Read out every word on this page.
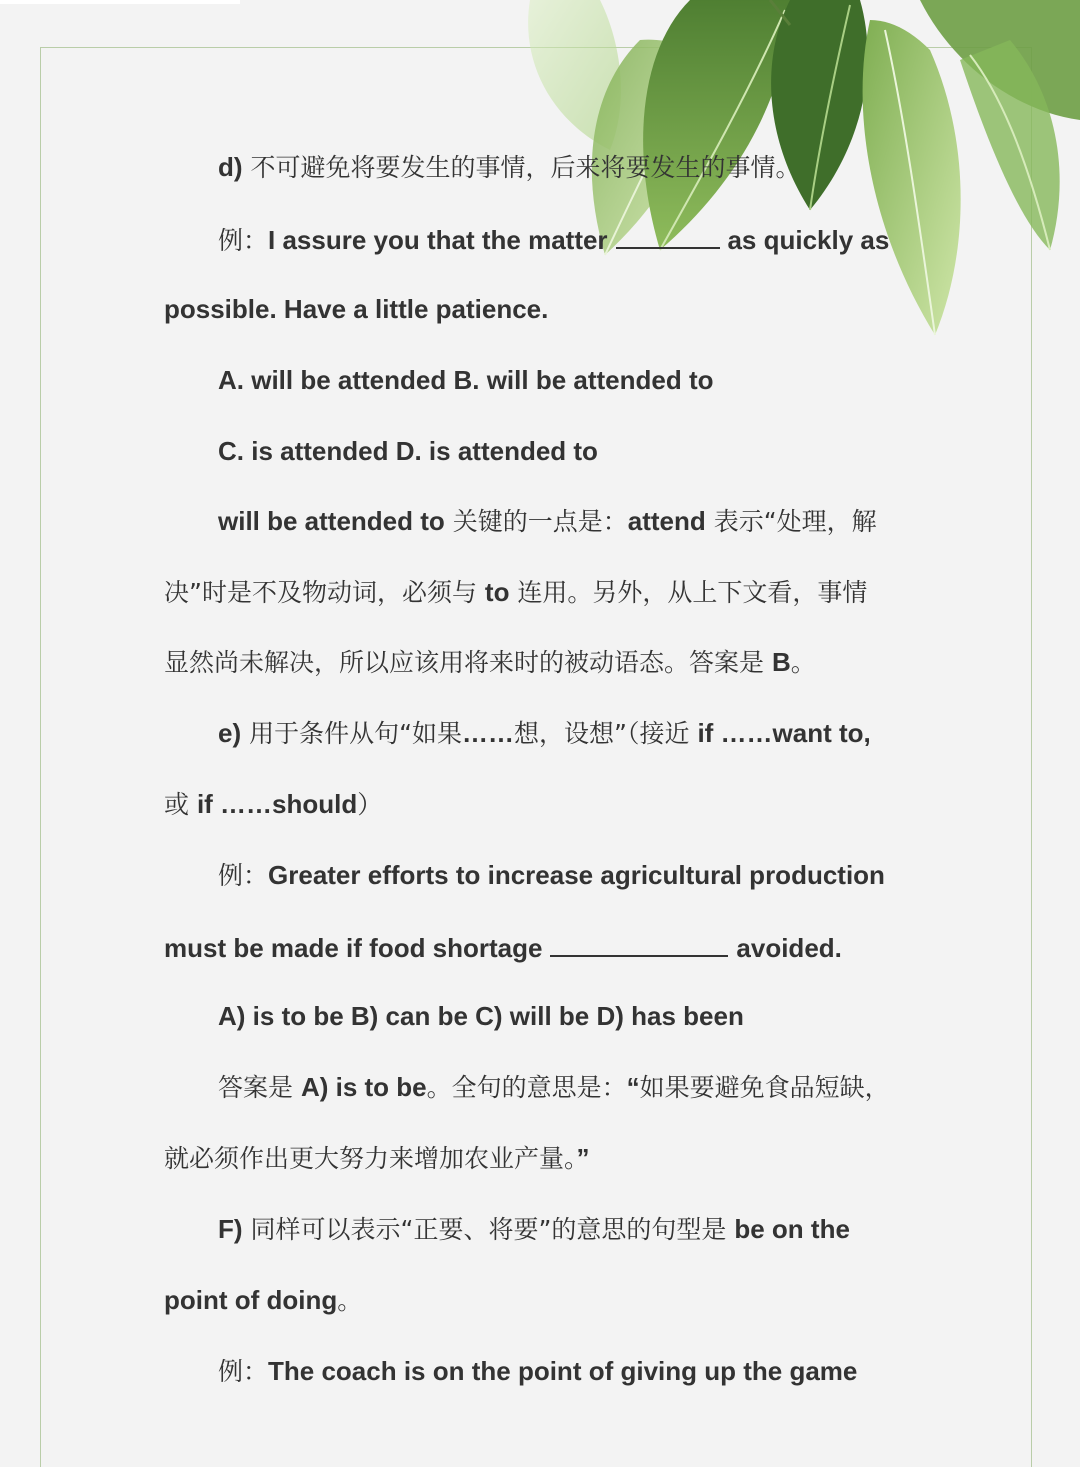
d) 不可避免将要发生的事情，后来将要发生的事情。
例：I assure you that the matter	as quickly as
possible. Have a little patience.
A. will be attended B. will be attended to
C. is attended D. is attended to
will be attended to 关键的一点是：attend 表示“处理，解
决”时是不及物动词，必须与 to 连用。另外，从上下文看，事情
显然尚未解决，所以应该用将来时的被动语态。答案是 B。
e) 用于条件从句“如果……想，设想”（接近 if ……want to,
或 if ……should）
例：Greater efforts to increase agricultural production
must be made if food shortage	avoided.
A) is to be B) can be C) will be D) has been
答案是 A) is to be。全句的意思是：“如果要避免食品短缺，
就必须作出更大努力来增加农业产量。”
F) 同样可以表示“正要、将要”的意思的句型是 be on the
point of doing。
例：The coach is on the point of giving up the game
